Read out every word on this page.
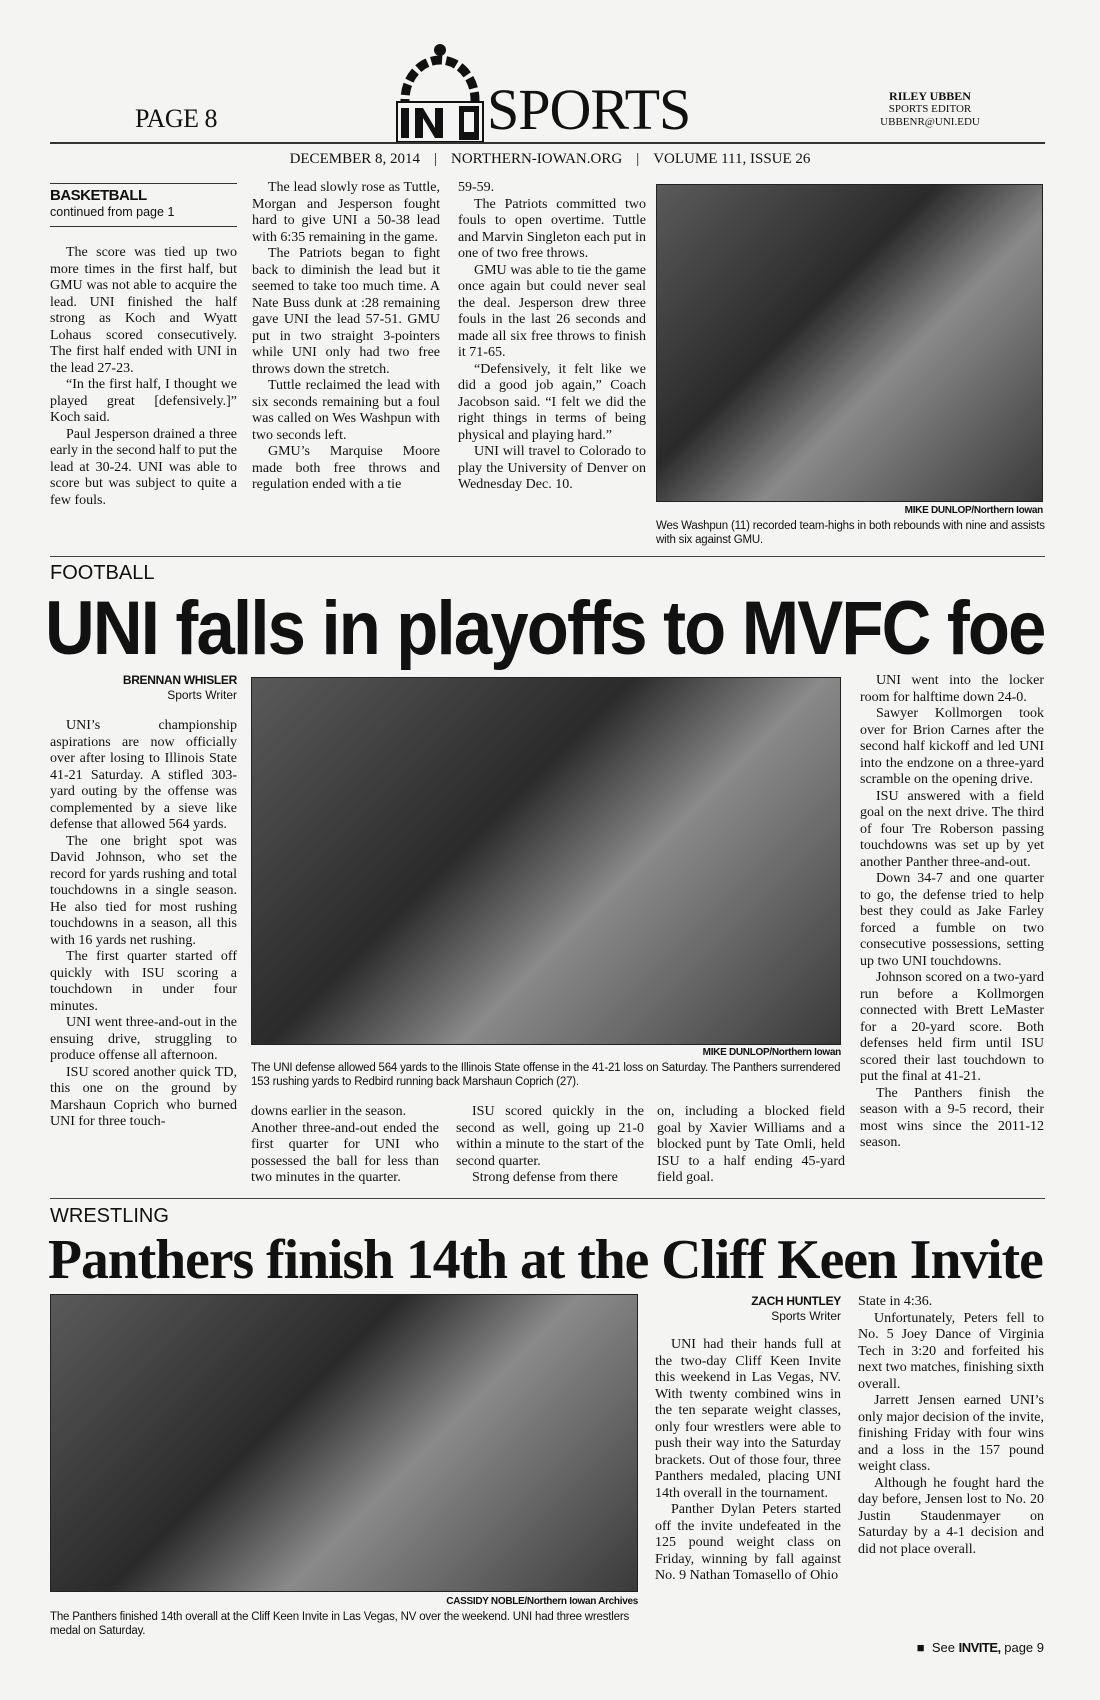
PAGE 8	SPORTS	RILEY UBBEN
SPORTS EDITOR
UBBENR@UNI.EDU
DECEMBER 8, 2014 | NORTHERN-IOWAN.ORG | VOLUME 111, ISSUE 26
BASKETBALL
continued from page 1

The score was tied up two more times in the first half, but GMU was not able to acquire the lead. UNI finished the half strong as Koch and Wyatt Lohaus scored consecutively. The first half ended with UNI in the lead 27-23.

“In the first half, I thought we played great [defensively.]” Koch said.

Paul Jesperson drained a three early in the second half to put the lead at 30-24. UNI was able to score but was subject to quite a few fouls.

The lead slowly rose as Tuttle, Morgan and Jesperson fought hard to give UNI a 50-38 lead with 6:35 remaining in the game.

The Patriots began to fight back to diminish the lead but it seemed to take too much time. A Nate Buss dunk at :28 remaining gave UNI the lead 57-51. GMU put in two straight 3-pointers while UNI only had two free throws down the stretch.

Tuttle reclaimed the lead with six seconds remaining but a foul was called on Wes Washpun with two seconds left.

GMU’s Marquise Moore made both free throws and regulation ended with a tie

59-59.

The Patriots committed two fouls to open overtime. Tuttle and Marvin Singleton each put in one of two free throws.

GMU was able to tie the game once again but could never seal the deal. Jesperson drew three fouls in the last 26 seconds and made all six free throws to finish it 71-65.

“Defensively, it felt like we did a good job again,” Coach Jacobson said. “I felt we did the right things in terms of being physical and playing hard.”

UNI will travel to Colorado to play the University of Denver on Wednesday Dec. 10.

MIKE DUNLOP/Northern Iowan
Wes Washpun (11) recorded team-highs in both rebounds with nine and assists with six against GMU.
FOOTBALL
UNI falls in playoffs to MVFC foe
BRENNAN WHISLER
Sports Writer

UNI’s championship aspirations are now officially over after losing to Illinois State 41-21 Saturday. A stifled 303-yard outing by the offense was complemented by a sieve like defense that allowed 564 yards.

The one bright spot was David Johnson, who set the record for yards rushing and total touchdowns in a single season. He also tied for most rushing touchdowns in a season, all this with 16 yards net rushing.

The first quarter started off quickly with ISU scoring a touchdown in under four minutes.

UNI went three-and-out in the ensuing drive, struggling to produce offense all afternoon.

ISU scored another quick TD, this one on the ground by Marshaun Coprich who burned UNI for three touch-

MIKE DUNLOP/Northern Iowan
The UNI defense allowed 564 yards to the Illinois State offense in the 41-21 loss on Saturday. The Panthers surrendered 153 rushing yards to Redbird running back Marshaun Coprich (27).

downs earlier in the season.

Another three-and-out ended the first quarter for UNI who possessed the ball for less than two minutes in the quarter.

ISU scored quickly in the second as well, going up 21-0 within a minute to the start of the second quarter.

Strong defense from there

on, including a blocked field goal by Xavier Williams and a blocked punt by Tate Omli, held ISU to a half ending 45-yard field goal.

UNI went into the locker room for halftime down 24-0.

Sawyer Kollmorgen took over for Brion Carnes after the second half kickoff and led UNI into the endzone on a three-yard scramble on the opening drive.

ISU answered with a field goal on the next drive. The third of four Tre Roberson passing touchdowns was set up by yet another Panther three-and-out.

Down 34-7 and one quarter to go, the defense tried to help best they could as Jake Farley forced a fumble on two consecutive possessions, setting up two UNI touchdowns.

Johnson scored on a two-yard run before a Kollmorgen connected with Brett LeMaster for a 20-yard score. Both defenses held firm until ISU scored their last touchdown to put the final at 41-21.

The Panthers finish the season with a 9-5 record, their most wins since the 2011-12 season.

WRESTLING
Panthers finish 14th at the Cliff Keen Invite
CASSIDY NOBLE/Northern Iowan Archives
The Panthers finished 14th overall at the Cliff Keen Invite in Las Vegas, NV over the weekend. UNI had three wrestlers medal on Saturday.
ZACH HUNTLEY
Sports Writer

UNI had their hands full at the two-day Cliff Keen Invite this weekend in Las Vegas, NV. With twenty combined wins in the ten separate weight classes, only four wrestlers were able to push their way into the Saturday brackets. Out of those four, three Panthers medaled, placing UNI 14th overall in the tournament.

Panther Dylan Peters started off the invite undefeated in the 125 pound weight class on Friday, winning by fall against No. 9 Nathan Tomasello of Ohio

State in 4:36.

Unfortunately, Peters fell to No. 5 Joey Dance of Virginia Tech in 3:20 and forfeited his next two matches, finishing sixth overall.

Jarrett Jensen earned UNI’s only major decision of the invite, finishing Friday with four wins and a loss in the 157 pound weight class.

Although he fought hard the day before, Jensen lost to No. 20 Justin Staudenmayer on Saturday by a 4-1 decision and did not place overall.

■ See INVITE, page 9
